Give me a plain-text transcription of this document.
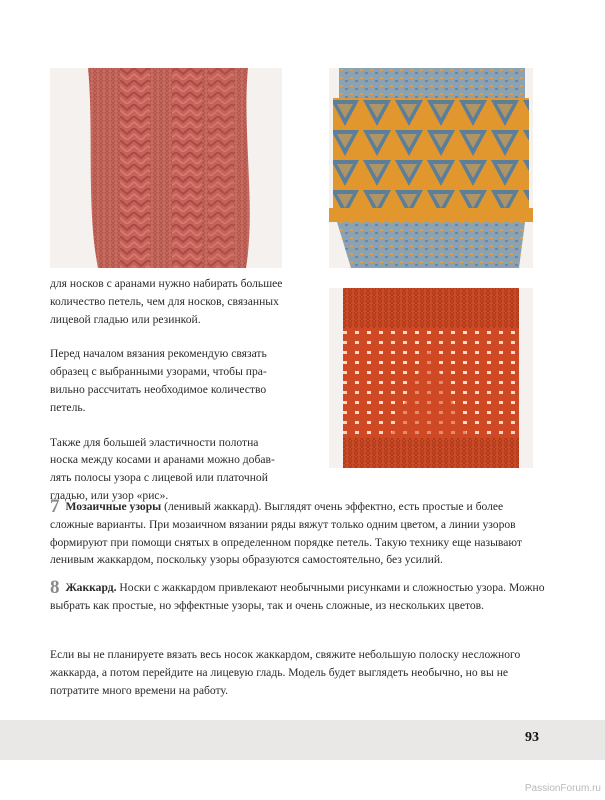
для носков с аранами нужно набирать большее количество петель, чем для носков, связанных лицевой гладью или резинкой.

Перед началом вязания рекомендую связать образец с выбранными узорами, чтобы правильно рассчитать необходимое количество петель.

Также для большей эластичности полотна носка между косами и аранами можно добавлять полосы узора с лицевой или платочной гладью, или узор «рис».

7 Мозаичные узоры (ленивый жаккард). Выглядят очень эффектно, есть простые и более сложные варианты. При мозаичном вязании ряды вяжут только одним цветом, а линии узоров формируют при помощи снятых в определенном порядке петель. Такую технику еще называют ленивым жаккардом, поскольку узоры образуются самостоятельно, без усилий.

8 Жаккард. Носки с жаккардом привлекают необычными рисунками и сложностью узора. Можно выбрать как простые, но эффектные узоры, так и очень сложные, из нескольких цветов.

Если вы не планируете вязать весь носок жаккардом, свяжите небольшую полоску несложного жаккарда, а потом перейдите на лицевую гладь. Модель будет выглядеть необычно, но вы не потратите много времени на работу.

93
PassionForum.ru
